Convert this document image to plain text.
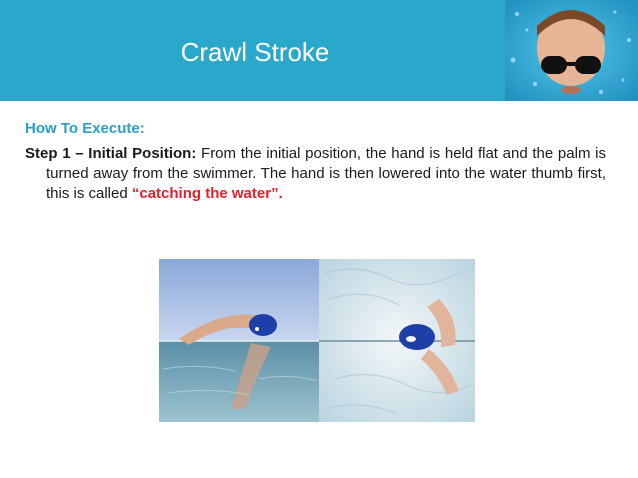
Crawl Stroke
How To Execute:
Step 1 – Initial Position: From the initial position, the hand is held flat and the palm is turned away from the swimmer. The hand is then lowered into the water thumb first, this is called “catching the water”.
